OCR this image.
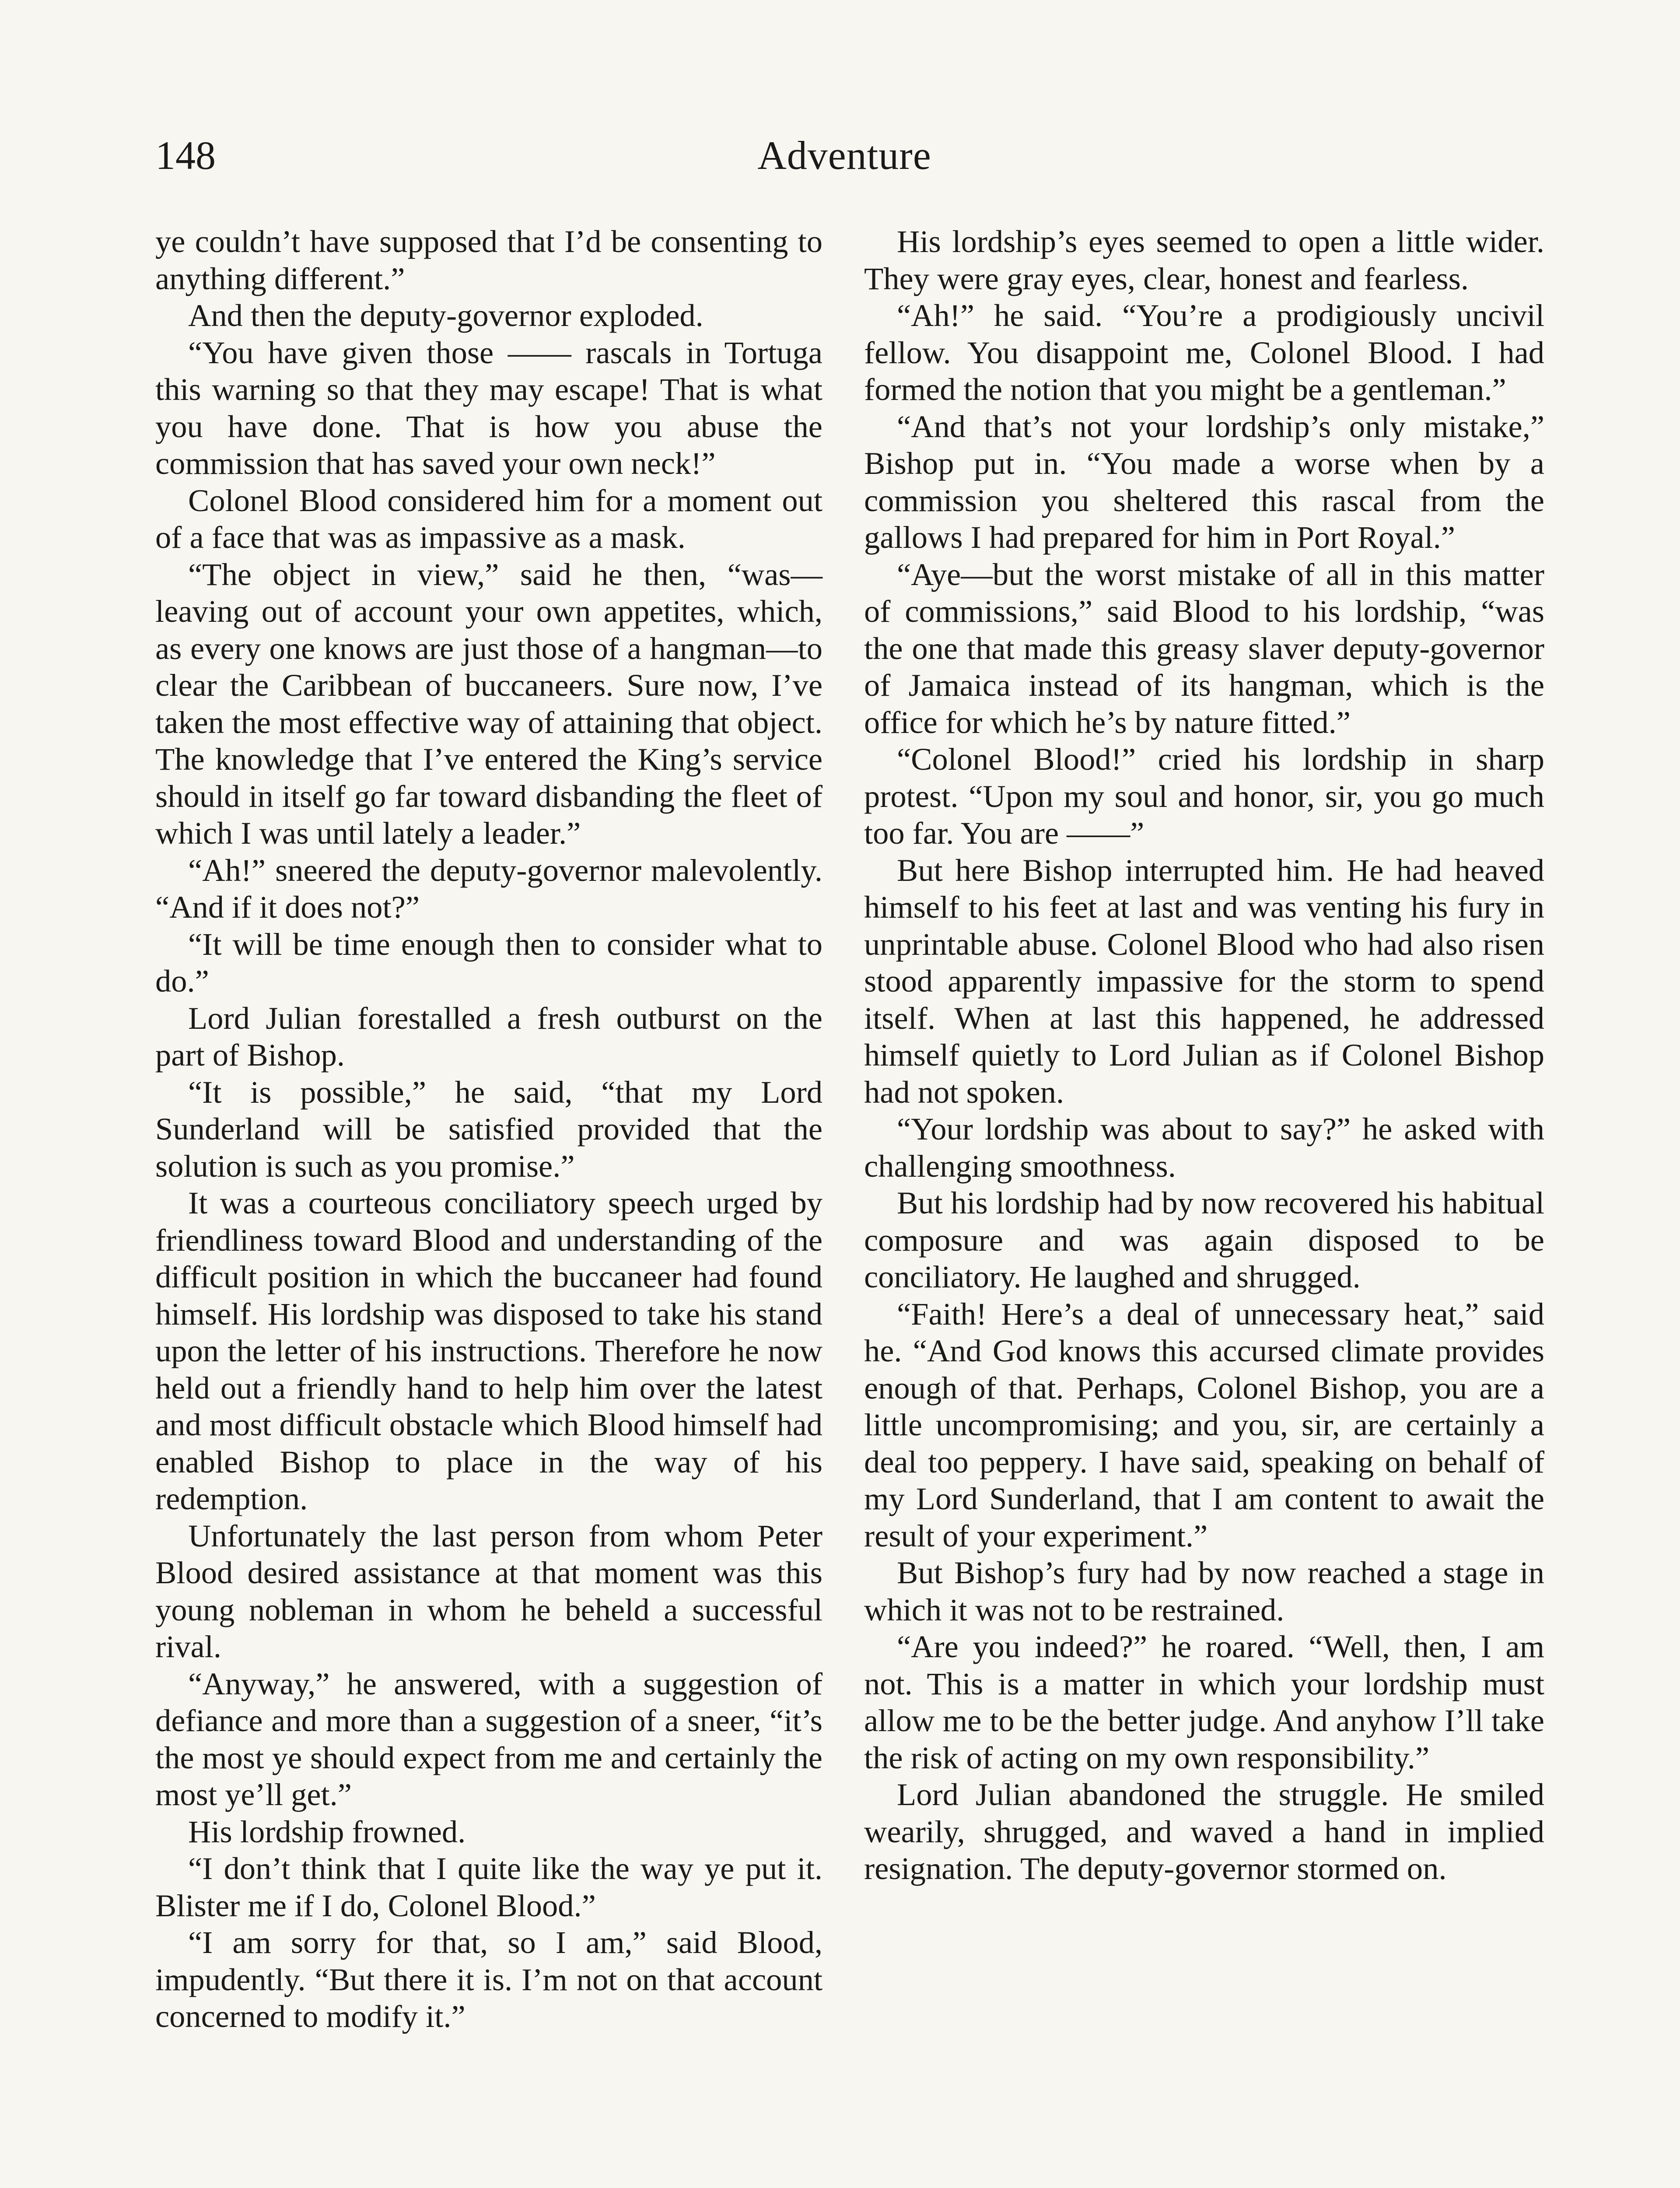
148	Adventure

ye couldn’t have supposed that I’d be consenting to anything different.”

And then the deputy-governor exploded.

“You have given those —— rascals in Tortuga this warning so that they may escape! That is what you have done. That is how you abuse the commission that has saved your own neck!”

Colonel Blood considered him for a moment out of a face that was as impassive as a mask.

“The object in view,” said he then, “was—leaving out of account your own appetites, which, as every one knows are just those of a hangman—to clear the Caribbean of buccaneers. Sure now, I’ve taken the most effective way of attaining that object. The knowledge that I’ve entered the King’s service should in itself go far toward disbanding the fleet of which I was until lately a leader.”

“Ah!” sneered the deputy-governor malevolently. “And if it does not?”

“It will be time enough then to consider what to do.”

Lord Julian forestalled a fresh outburst on the part of Bishop.

“It is possible,” he said, “that my Lord Sunderland will be satisfied provided that the solution is such as you promise.”

It was a courteous conciliatory speech urged by friendliness toward Blood and understanding of the difficult position in which the buccaneer had found himself. His lordship was disposed to take his stand upon the letter of his instructions. Therefore he now held out a friendly hand to help him over the latest and most difficult obstacle which Blood himself had enabled Bishop to place in the way of his redemption.

Unfortunately the last person from whom Peter Blood desired assistance at that moment was this young nobleman in whom he beheld a successful rival.

“Anyway,” he answered, with a suggestion of defiance and more than a suggestion of a sneer, “it’s the most ye should expect from me and certainly the most ye’ll get.”

His lordship frowned.

“I don’t think that I quite like the way ye put it. Blister me if I do, Colonel Blood.”

“I am sorry for that, so I am,” said Blood, impudently. “But there it is. I’m not on that account concerned to modify it.”

His lordship’s eyes seemed to open a little wider. They were gray eyes, clear, honest and fearless.

“Ah!” he said. “You’re a prodigiously uncivil fellow. You disappoint me, Colonel Blood. I had formed the notion that you might be a gentleman.”

“And that’s not your lordship’s only mistake,” Bishop put in. “You made a worse when by a commission you sheltered this rascal from the gallows I had prepared for him in Port Royal.”

“Aye—but the worst mistake of all in this matter of commissions,” said Blood to his lordship, “was the one that made this greasy slaver deputy-governor of Jamaica instead of its hangman, which is the office for which he’s by nature fitted.”

“Colonel Blood!” cried his lordship in sharp protest. “Upon my soul and honor, sir, you go much too far. You are ——”

But here Bishop interrupted him. He had heaved himself to his feet at last and was venting his fury in unprintable abuse. Colonel Blood who had also risen stood apparently impassive for the storm to spend itself. When at last this happened, he addressed himself quietly to Lord Julian as if Colonel Bishop had not spoken.

“Your lordship was about to say?” he asked with challenging smoothness.

But his lordship had by now recovered his habitual composure and was again disposed to be conciliatory. He laughed and shrugged.

“Faith! Here’s a deal of unnecessary heat,” said he. “And God knows this accursed climate provides enough of that. Perhaps, Colonel Bishop, you are a little uncompromising; and you, sir, are certainly a deal too peppery. I have said, speaking on behalf of my Lord Sunderland, that I am content to await the result of your experiment.”

But Bishop’s fury had by now reached a stage in which it was not to be restrained.

“Are you indeed?” he roared. “Well, then, I am not. This is a matter in which your lordship must allow me to be the better judge. And anyhow I’ll take the risk of acting on my own responsibility.”

Lord Julian abandoned the struggle. He smiled wearily, shrugged, and waved a hand in implied resignation. The deputy-governor stormed on.
